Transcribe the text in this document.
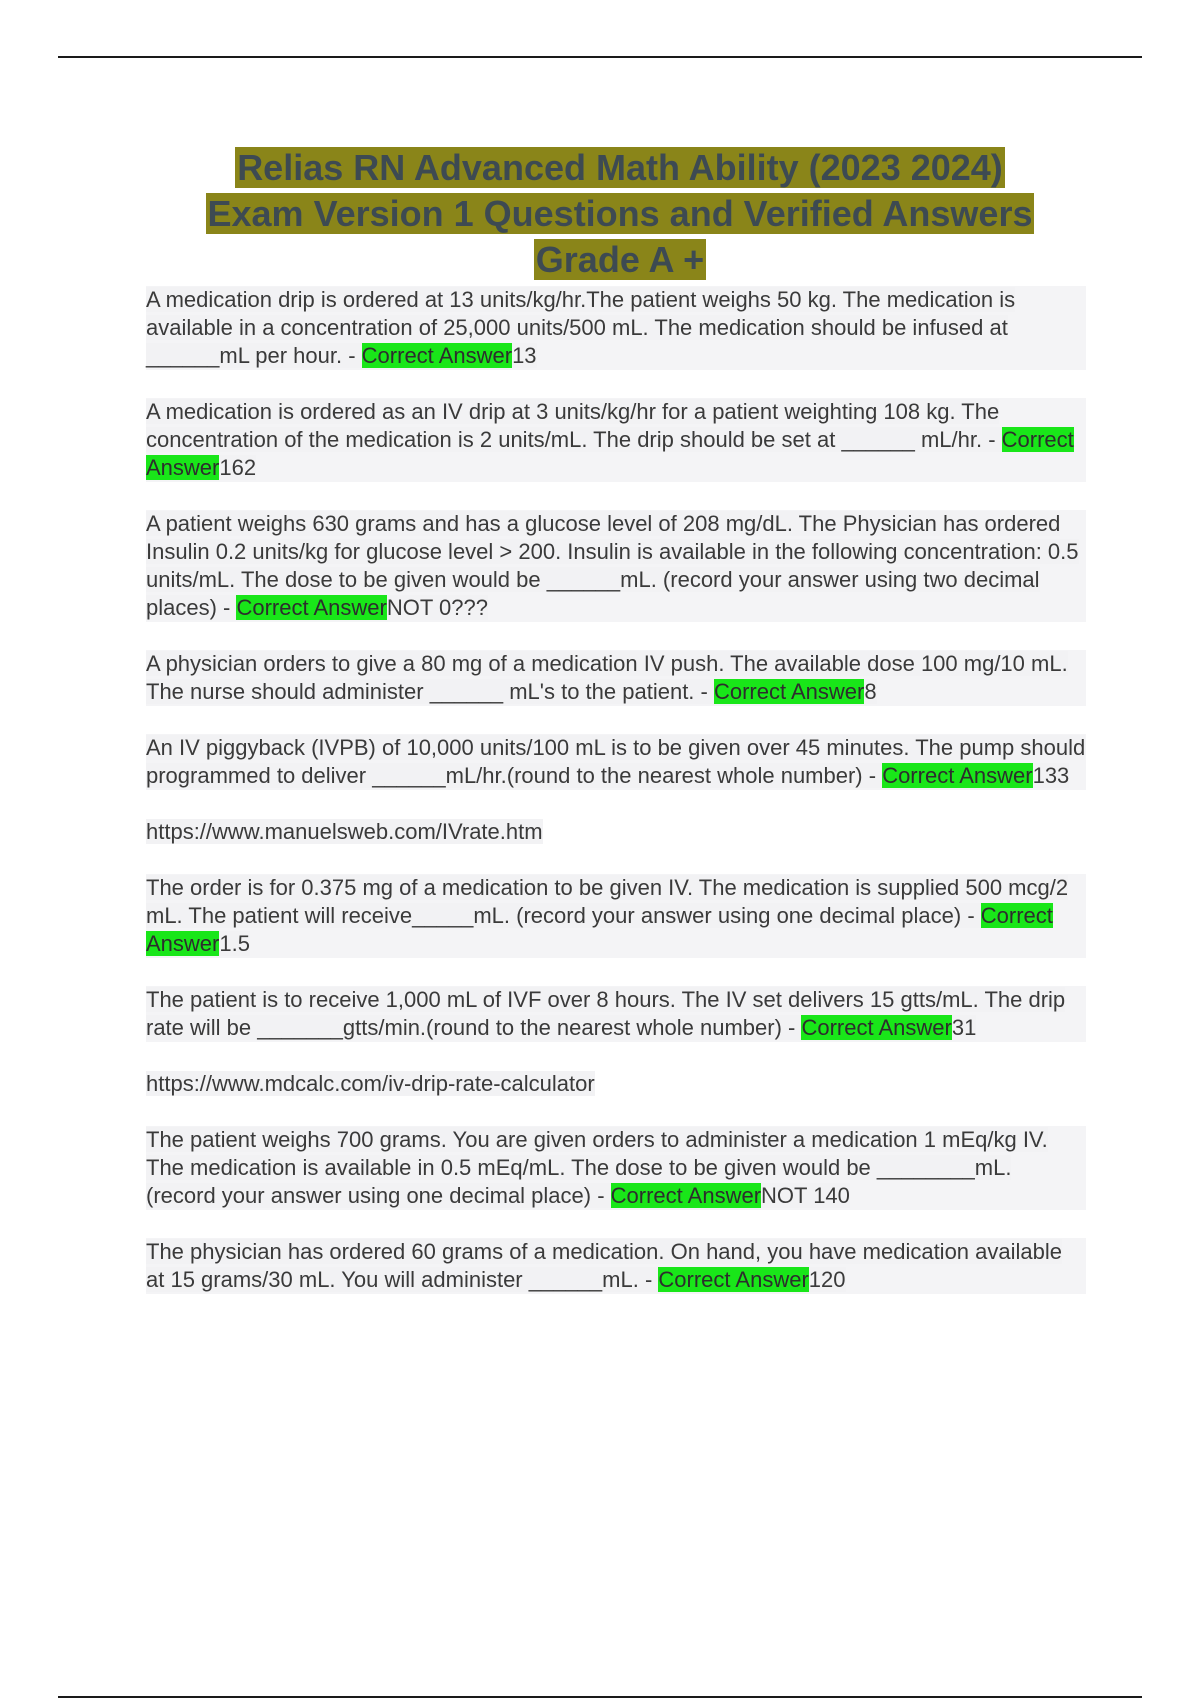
Relias RN Advanced Math Ability (2023 2024)
Exam Version 1 Questions and Verified Answers
Grade A +
A medication drip is ordered at 13 units/kg/hr.The patient weighs 50 kg. The medication is available in a concentration of 25,000 units/500 mL. The medication should be infused at ______mL per hour. - Correct Answer13
A medication is ordered as an IV drip at 3 units/kg/hr for a patient weighting 108 kg. The concentration of the medication is 2 units/mL. The drip should be set at ______ mL/hr. - Correct Answer162
A patient weighs 630 grams and has a glucose level of 208 mg/dL. The Physician has ordered Insulin 0.2 units/kg for glucose level > 200. Insulin is available in the following concentration: 0.5 units/mL. The dose to be given would be ______mL. (record your answer using two decimal places) - Correct AnswerNOT 0???
A physician orders to give a 80 mg of a medication IV push. The available dose 100 mg/10 mL. The nurse should administer ______ mL's to the patient. - Correct Answer8
An IV piggyback (IVPB) of 10,000 units/100 mL is to be given over 45 minutes. The pump should programmed to deliver ______mL/hr.(round to the nearest whole number) - Correct Answer133
https://www.manuelsweb.com/IVrate.htm
The order is for 0.375 mg of a medication to be given IV. The medication is supplied 500 mcg/2 mL. The patient will receive_____mL. (record your answer using one decimal place) - Correct Answer1.5
The patient is to receive 1,000 mL of IVF over 8 hours. The IV set delivers 15 gtts/mL. The drip rate will be _______gtts/min.(round to the nearest whole number) - Correct Answer31
https://www.mdcalc.com/iv-drip-rate-calculator
The patient weighs 700 grams. You are given orders to administer a medication 1 mEq/kg IV. The medication is available in 0.5 mEq/mL. The dose to be given would be ________mL. (record your answer using one decimal place) - Correct AnswerNOT 140
The physician has ordered 60 grams of a medication. On hand, you have medication available at 15 grams/30 mL. You will administer ______mL. - Correct Answer120
